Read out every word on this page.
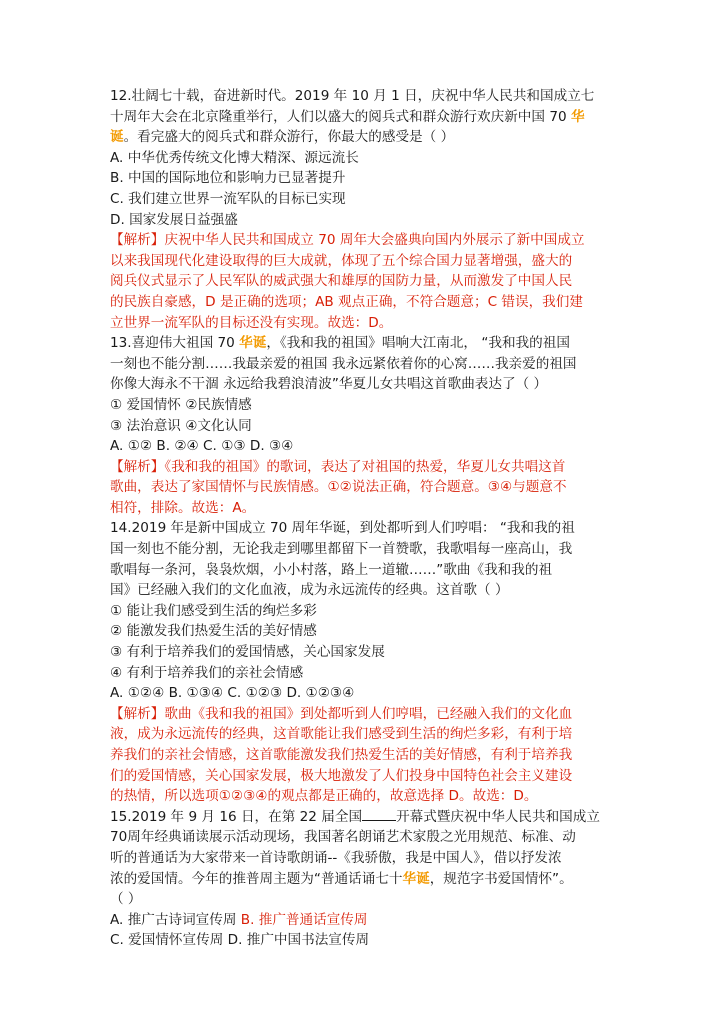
12.壮阔七十载，奋进新时代。2019 年 10 月 1 日，庆祝中华人民共和国成立七
十周年大会在北京隆重举行，人们以盛大的阅兵式和群众游行欢庆新中国 70 华
诞。看完盛大的阅兵式和群众游行，你最大的感受是（ ）
A. 中华优秀传统文化博大精深、源远流长
B. 中国的国际地位和影响力已显著提升
C. 我们建立世界一流军队的目标已实现
D. 国家发展日益强盛
【解析】庆祝中华人民共和国成立 70 周年大会盛典向国内外展示了新中国成立
以来我国现代化建设取得的巨大成就，体现了五个综合国力显著增强，盛大的
阅兵仪式显示了人民军队的威武强大和雄厚的国防力量，从而激发了中国人民
的民族自豪感，D 是正确的选项；AB 观点正确，不符合题意；C 错误，我们建
立世界一流军队的目标还没有实现。故选：D。
13.喜迎伟大祖国 70 华诞，《我和我的祖国》唱响大江南北， “我和我的祖国
一刻也不能分割……我最亲爱的祖国 我永远紧依着你的心窝……我亲爱的祖国
你像大海永不干涸 永远给我碧浪清波”华夏儿女共唱这首歌曲表达了（ ）
① 爱国情怀 ②民族情感
③ 法治意识 ④文化认同
A. ①② B. ②④ C. ①③ D. ③④
【解析】《我和我的祖国》的歌词，表达了对祖国的热爱，华夏儿女共唱这首
歌曲，表达了家国情怀与民族情感。①②说法正确，符合题意。③④与题意不
相符，排除。故选：A。
14.2019 年是新中国成立 70 周年华诞，到处都听到人们哼唱： “我和我的祖
国一刻也不能分割，无论我走到哪里都留下一首赞歌，我歌唱每一座高山，我
歌唱每一条河，袅袅炊烟，小小村落，路上一道辙……”歌曲《我和我的祖
国》已经融入我们的文化血液，成为永远流传的经典。这首歌（ ）
① 能让我们感受到生活的绚烂多彩
② 能激发我们热爱生活的美好情感
③ 有利于培养我们的爱国情感，关心国家发展
④ 有利于培养我们的亲社会情感
A. ①②④ B. ①③④ C. ①②③ D. ①②③④
【解析】歌曲《我和我的祖国》到处都听到人们哼唱，已经融入我们的文化血
液，成为永远流传的经典，这首歌能让我们感受到生活的绚烂多彩，有利于培
养我们的亲社会情感，这首歌能激发我们热爱生活的美好情感，有利于培养我
们的爱国情感，关心国家发展，极大地激发了人们投身中国特色社会主义建设
的热情，所以选项①②③④的观点都是正确的，故意选择 D。故选：D。
15.2019 年 9 月 16 日，在第 22 届全国	开幕式暨庆祝中华人民共和国成立
70周年经典诵读展示活动现场，我国著名朗诵艺术家殷之光用规范、标准、动
听的普通话为大家带来一首诗歌朗诵--《我骄傲，我是中国人》，借以抒发浓
浓的爱国情。今年的推普周主题为“普通话诵七十华诞，规范字书爱国情怀”。
（ ）
A. 推广古诗词宣传周 B. 推广普通话宣传周
C. 爱国情怀宣传周 D. 推广中国书法宣传周
